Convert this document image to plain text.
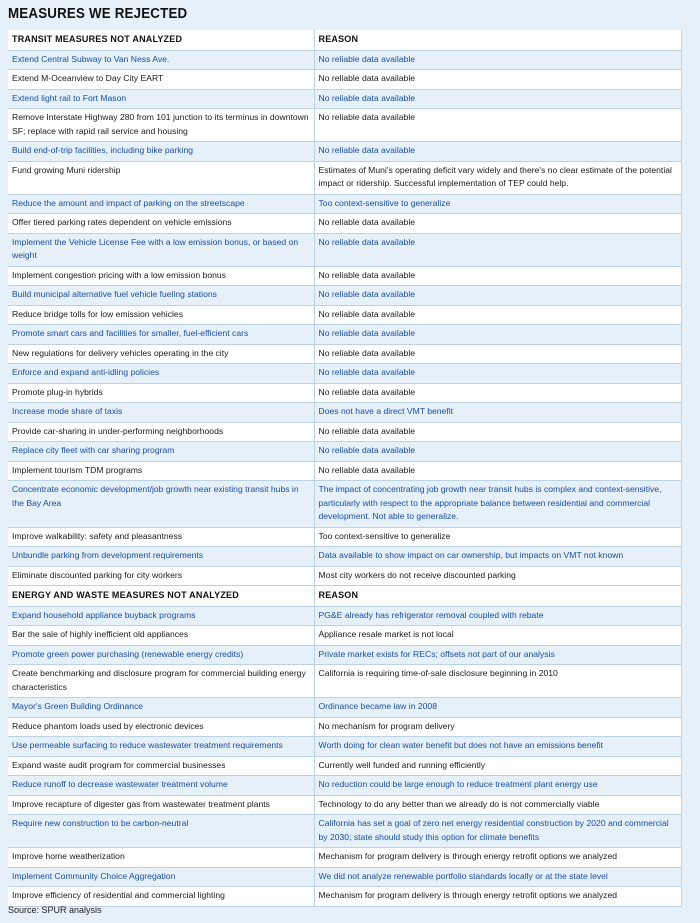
MEASURES WE REJECTED
TRANSIT MEASURES NOT ANALYZED	REASON
Extend Central Subway to Van Ness Ave.	No reliable data available
Extend M-Oceanview to Day City EART	No reliable data available
Extend light rail to Fort Mason	No reliable data available
Remove Interstate Highway 280 from 101 junction to its terminus in downtown SF; replace with rapid rail service and housing	No reliable data available
Build end-of-trip facilities, including bike parking	No reliable data available
Fund growing Muni ridership	Estimates of Muni's operating deficit vary widely and there's no clear estimate of the potential impact or ridership. Successful implementation of TEP could help.
Reduce the amount and impact of parking on the streetscape	Too context-sensitive to generalize
Offer tiered parking rates dependent on vehicle emissions	No reliable data available
Implement the Vehicle License Fee with a low emission bonus, or based on weight	No reliable data available
Implement congestion pricing with a low emission bonus	No reliable data available
Build municipal alternative fuel vehicle fueling stations	No reliable data available
Reduce bridge tolls for low emission vehicles	No reliable data available
Promote smart cars and facilities for smaller, fuel-efficient cars	No reliable data available
New regulations for delivery vehicles operating in the city	No reliable data available
Enforce and expand anti-idling policies	No reliable data available
Promote plug-in hybrids	No reliable data available
Increase mode share of taxis	Does not have a direct VMT benefit
Provide car-sharing in under-performing neighborhoods	No reliable data available
Replace city fleet with car sharing program	No reliable data available
Implement tourism TDM programs	No reliable data available
Concentrate economic development/job growth near existing transit hubs in the Bay Area	The impact of concentrating job growth near transit hubs is complex and context-sensitive, particularly with respect to the appropriate balance between residential and commercial development. Not able to generalize.
Improve walkability: safety and pleasantness	Too context-sensitive to generalize
Unbundle parking from development requirements	Data available to show impact on car ownership, but impacts on VMT not known
Eliminate discounted parking for city workers	Most city workers do not receive discounted parking
ENERGY AND WASTE MEASURES NOT ANALYZED	REASON
Expand household appliance buyback programs	PG&E already has refrigerator removal coupled with rebate
Bar the sale of highly inefficient old appliances	Appliance resale market is not local
Promote green power purchasing (renewable energy credits)	Private market exists for RECs; offsets not part of our analysis
Create benchmarking and disclosure program for commercial building energy characteristics	California is requiring time-of-sale disclosure beginning in 2010
Mayor's Green Building Ordinance	Ordinance became law in 2008
Reduce phantom loads used by electronic devices	No mechanism for program delivery
Use permeable surfacing to reduce wastewater treatment requirements	Worth doing for clean water benefit but does not have an emissions benefit
Expand waste audit program for commercial businesses	Currently well funded and running efficiently
Reduce runoff to decrease wastewater treatment volume	No reduction could be large enough to reduce treatment plant energy use
Improve recapture of digester gas from wastewater treatment plants	Technology to do any better than we already do is not commercially viable
Require new construction to be carbon-neutral	California has set a goal of zero net energy residential construction by 2020 and commercial by 2030; state should study this option for climate benefits
Improve home weatherization	Mechanism for program delivery is through energy retrofit options we analyzed
Implement Community Choice Aggregation	We did not analyze renewable portfolio standards locally or at the state level
Improve efficiency of residential and commercial lighting	Mechanism for program delivery is through energy retrofit options we analyzed
Source: SPUR analysis
